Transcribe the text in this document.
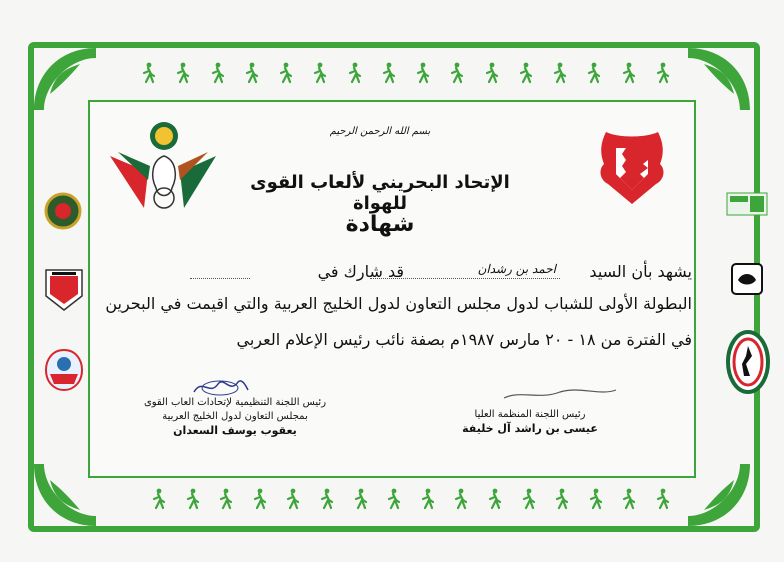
بسم الله الرحمن الرحيم
الإتحاد البحريني لألعاب القوى للهواة
شهادة
يشهد بأن السيد
احمد بن رشدان
قد شارك في
البطولة الأولى للشباب لدول مجلس التعاون لدول الخليج العربية والتي اقيمت في البحرين
في الفترة من ١٨ - ٢٠ مارس ١٩٨٧م بصفة نائب رئيس الإعلام العربي
رئيس اللجنة التنظيمية لإتحادات العاب القوى
بمجلس التعاون لدول الخليج العربية
يعقوب يوسف السعدان
رئيس اللجنة المنظمة العليا
عيسى بن راشد آل خليفة
